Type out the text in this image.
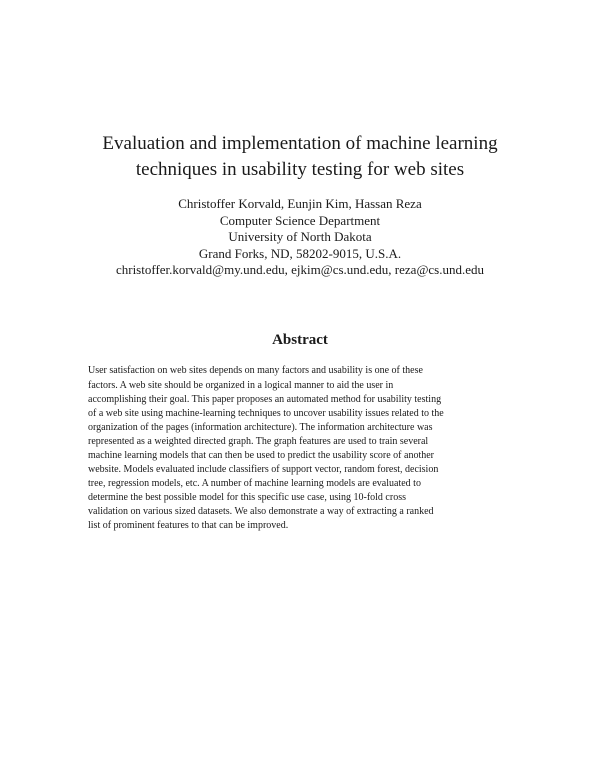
Evaluation and implementation of machine learning
techniques in usability testing for web sites
Christoffer Korvald, Eunjin Kim, Hassan Reza
Computer Science Department
University of North Dakota
Grand Forks, ND, 58202-9015, U.S.A.
christoffer.korvald@my.und.edu, ejkim@cs.und.edu, reza@cs.und.edu
Abstract
User satisfaction on web sites depends on many factors and usability is one of these
factors. A web site should be organized in a logical manner to aid the user in
accomplishing their goal. This paper proposes an automated method for usability testing
of a web site using machine-learning techniques to uncover usability issues related to the
organization of the pages (information architecture). The information architecture was
represented as a weighted directed graph. The graph features are used to train several
machine learning models that can then be used to predict the usability score of another
website. Models evaluated include classifiers of support vector, random forest, decision
tree, regression models, etc. A number of machine learning models are evaluated to
determine the best possible model for this specific use case, using 10-fold cross
validation on various sized datasets. We also demonstrate a way of extracting a ranked
list of prominent features to that can be improved.
